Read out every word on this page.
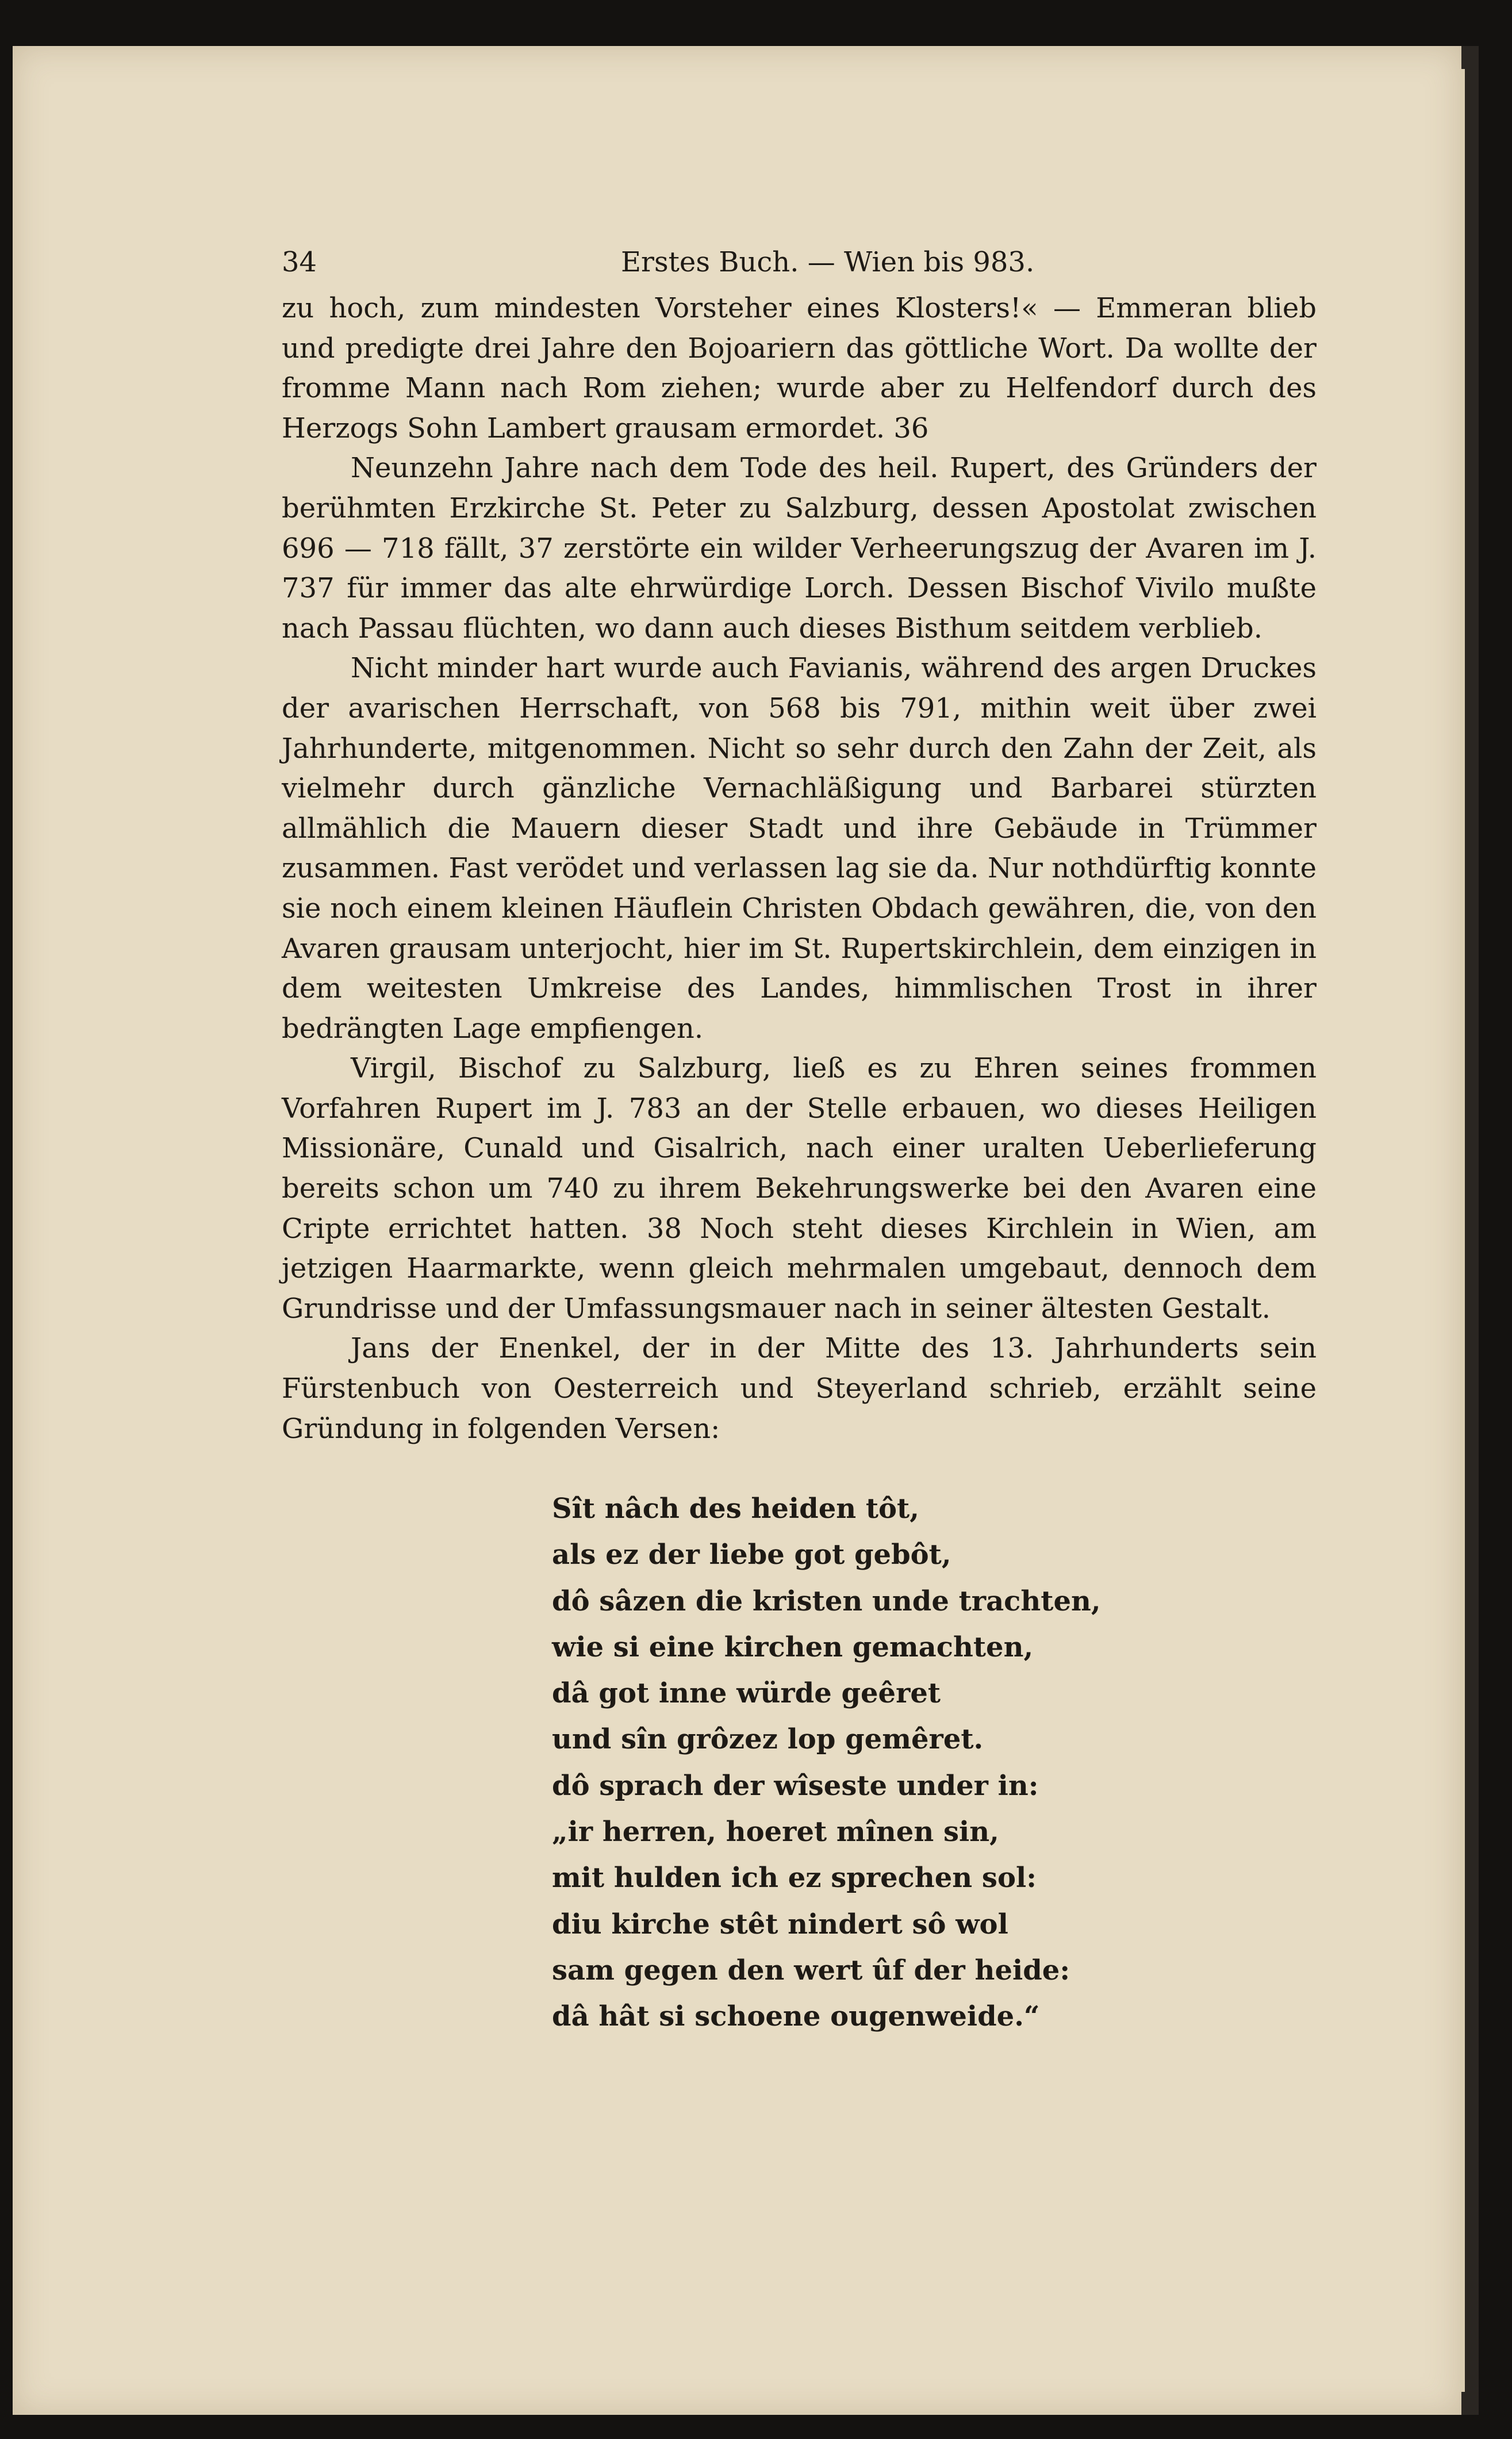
34	Erstes Buch. — Wien bis 983.

zu hoch, zum mindesten Vorsteher eines Klosters!« — Emmeran blieb und predigte drei Jahre den Bojoariern das göttliche Wort. Da wollte der fromme Mann nach Rom ziehen; wurde aber zu Helfendorf durch des Herzogs Sohn Lambert grausam ermordet. 36

Neunzehn Jahre nach dem Tode des heil. Rupert, des Gründers der berühmten Erzkirche St. Peter zu Salzburg, dessen Apostolat zwischen 696 — 718 fällt, 37 zerstörte ein wilder Verheerungszug der Avaren im J. 737 für immer das alte ehrwürdige Lorch. Dessen Bischof Vivilo mußte nach Passau flüchten, wo dann auch dieses Bisthum seitdem verblieb.

Nicht minder hart wurde auch Favianis, während des argen Druckes der avarischen Herrschaft, von 568 bis 791, mithin weit über zwei Jahrhunderte, mitgenommen. Nicht so sehr durch den Zahn der Zeit, als vielmehr durch gänzliche Vernachläßigung und Barbarei stürzten allmählich die Mauern dieser Stadt und ihre Gebäude in Trümmer zusammen. Fast verödet und verlassen lag sie da. Nur nothdürftig konnte sie noch einem kleinen Häuflein Christen Obdach gewähren, die, von den Avaren grausam unterjocht, hier im St. Rupertskirchlein, dem einzigen in dem weitesten Umkreise des Landes, himmlischen Trost in ihrer bedrängten Lage empfiengen.

Virgil, Bischof zu Salzburg, ließ es zu Ehren seines frommen Vorfahren Rupert im J. 783 an der Stelle erbauen, wo dieses Heiligen Missionäre, Cunald und Gisalrich, nach einer uralten Ueberlieferung bereits schon um 740 zu ihrem Bekehrungswerke bei den Avaren eine Cripte errichtet hatten. 38 Noch steht dieses Kirchlein in Wien, am jetzigen Haarmarkte, wenn gleich mehrmalen umgebaut, dennoch dem Grundrisse und der Umfassungsmauer nach in seiner ältesten Gestalt.

Jans der Enenkel, der in der Mitte des 13. Jahrhunderts sein Fürstenbuch von Oesterreich und Steyerland schrieb, erzählt seine Gründung in folgenden Versen:

Sît nâch des heiden tôt,
als ez der liebe got gebôt,
dô sâzen die kristen unde trachten,
wie si eine kirchen gemachten,
dâ got inne würde geêret
und sîn grôzez lop gemêret.
dô sprach der wîseste under in:
„ir herren, hoeret mînen sin,
mit hulden ich ez sprechen sol:
diu kirche stêt nindert sô wol
sam gegen den wert ûf der heide:
dâ hât si schoene ougenweide.“
